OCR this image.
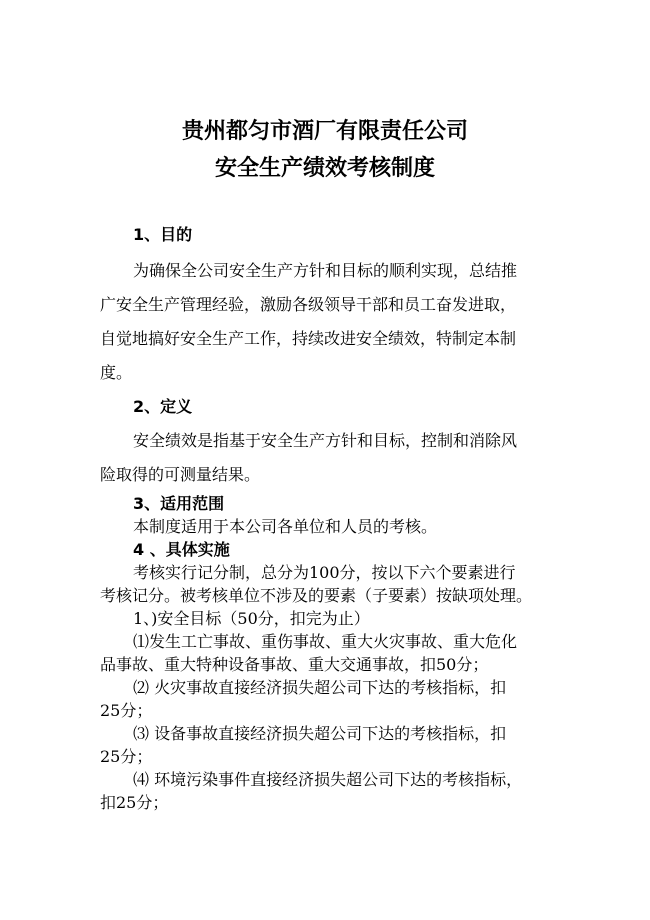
贵州都匀市酒厂有限责任公司
安全生产绩效考核制度
1、目的
为确保全公司安全生产方针和目标的顺利实现，总结推
广安全生产管理经验，激励各级领导干部和员工奋发进取，
自觉地搞好安全生产工作，持续改进安全绩效，特制定本制
度。
2、定义
安全绩效是指基于安全生产方针和目标，控制和消除风
险取得的可测量结果。
3、适用范围
本制度适用于本公司各单位和人员的考核。
4 、具体实施
考核实行记分制，总分为100分，按以下六个要素进行
考核记分。被考核单位不涉及的要素（子要素）按缺项处理。
1、)安全目标（50分，扣完为止）
⑴发生工亡事故、重伤事故、重大火灾事故、重大危化
品事故、重大特种设备事故、重大交通事故，扣50分；
⑵ 火灾事故直接经济损失超公司下达的考核指标，扣
25分；
⑶ 设备事故直接经济损失超公司下达的考核指标，扣
25分；
⑷ 环境污染事件直接经济损失超公司下达的考核指标，
扣25分；
